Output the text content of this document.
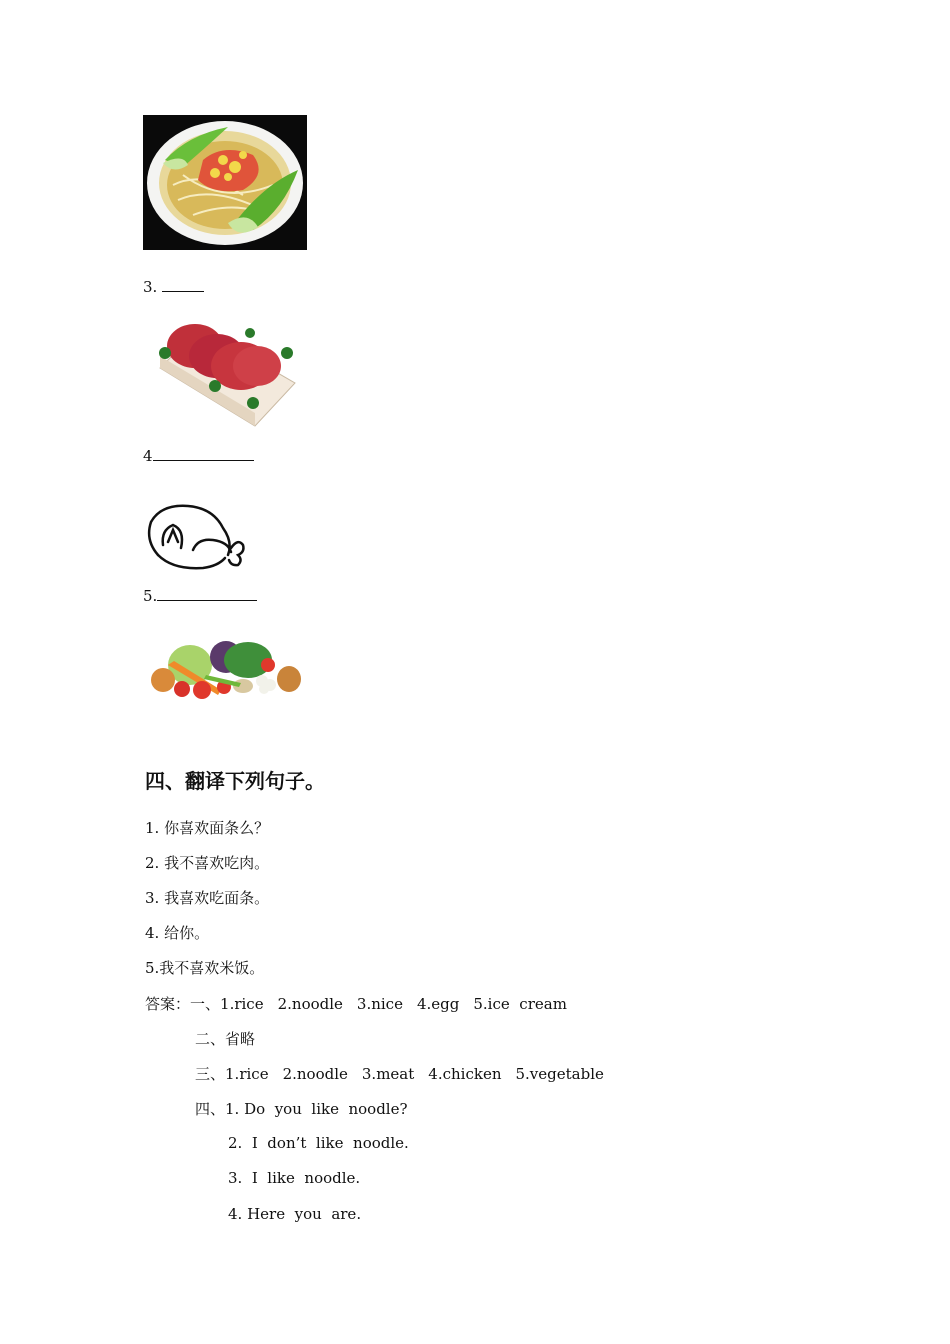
3.
4
5.
四、翻译下列句子。
1. 你喜欢面条么？
2. 我不喜欢吃肉。
3. 我喜欢吃面条。
4. 给你。
5.我不喜欢米饭。
答案：一、1.rice 2.noodle 3.nice 4.egg 5.ice  cream
二、省略
三、1.rice 2.noodle 3.meat 4.chicken 5.vegetable
四、1. Do  you  like  noodle?
2.  I  don’t  like  noodle.
3.  I  like  noodle.
4. Here  you  are.
